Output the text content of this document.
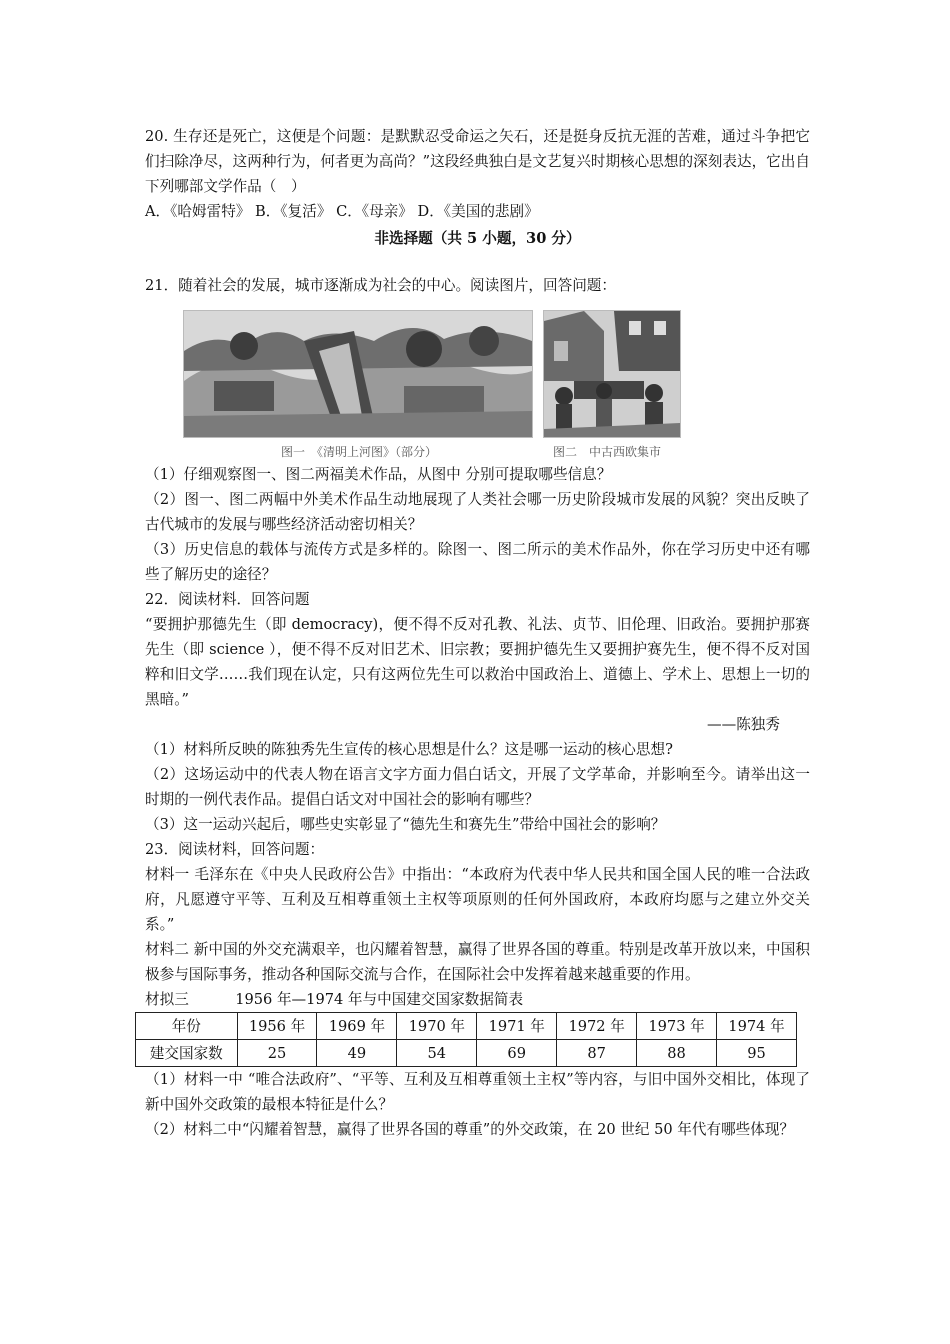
20. 生存还是死亡，这便是个问题：是默默忍受命运之矢石，还是挺身反抗无涯的苦难，通过斗争把它们扫除净尽，这两种行为，何者更为高尚？”这段经典独白是文艺复兴时期核心思想的深刻表达，它出自下列哪部文学作品（　）

A．《哈姆雷特》 B．《复活》 C．《母亲》 D．《美国的悲剧》

非选择题（共 5 小题，30 分）

21．随着社会的发展，城市逐渐成为社会的中心。阅读图片，回答问题：

图一　《清明上河图》（部分）	图二　中古西欧集市

（1）仔细观察图一、图二两福美术作品，从图中 分别可提取哪些信息？

（2）图一、图二两幅中外美术作品生动地展现了人类社会哪一历史阶段城市发展的风貌？突出反映了古代城市的发展与哪些经济活动密切相关？

（3）历史信息的载体与流传方式是多样的。除图一、图二所示的美术作品外，你在学习历史中还有哪些了解历史的途径？

22．阅读材料．回答问题

“要拥护那德先生（即 democracy)，便不得不反对孔教、礼法、贞节、旧伦理、旧政治。要拥护那赛先生（即 science ），便不得不反对旧艺术、旧宗教；要拥护德先生又要拥护赛先生，便不得不反对国粹和旧文学……我们现在认定，只有这两位先生可以救治中国政治上、道德上、学术上、思想上一切的黑暗。”

——陈独秀

（1）材料所反映的陈独秀先生宣传的核心思想是什么？这是哪一运动的核心思想?

（2）这场运动中的代表人物在语言文字方面力倡白话文，开展了文学革命，并影响至今。请举出这一时期的一例代表作品。提倡白话文对中国社会的影响有哪些？

（3）这一运动兴起后，哪些史实彰显了“德先生和赛先生”带给中国社会的影响？

23．阅读材料，回答问题：

材料一 毛泽东在《中央人民政府公告》中指出：“本政府为代表中华人民共和国全国人民的唯一合法政府，凡愿遵守平等、互利及互相尊重领土主权等项原则的任何外国政府，本政府均愿与之建立外交关系。”

材料二 新中国的外交充满艰辛，也闪耀着智慧，赢得了世界各国的尊重。特别是改革开放以来，中国积极参与国际事务，推动各种国际交流与合作，在国际社会中发挥着越来越重要的作用。

材拟三	1956 年—1974 年与中国建交国家数据简表

年份	1956 年	1969 年	1970 年	1971 年	1972 年	1973 年	1974 年
建交国家数	25	49	54	69	87	88	95

（1）材料一中 “唯合法政府”、“平等、互利及互相尊重领土主权”等内容，与旧中国外交相比，体现了新中国外交政策的最根本特征是什么？

（2）材料二中“闪耀着智慧，赢得了世界各国的尊重”的外交政策，在 20 世纪 50 年代有哪些体现？
